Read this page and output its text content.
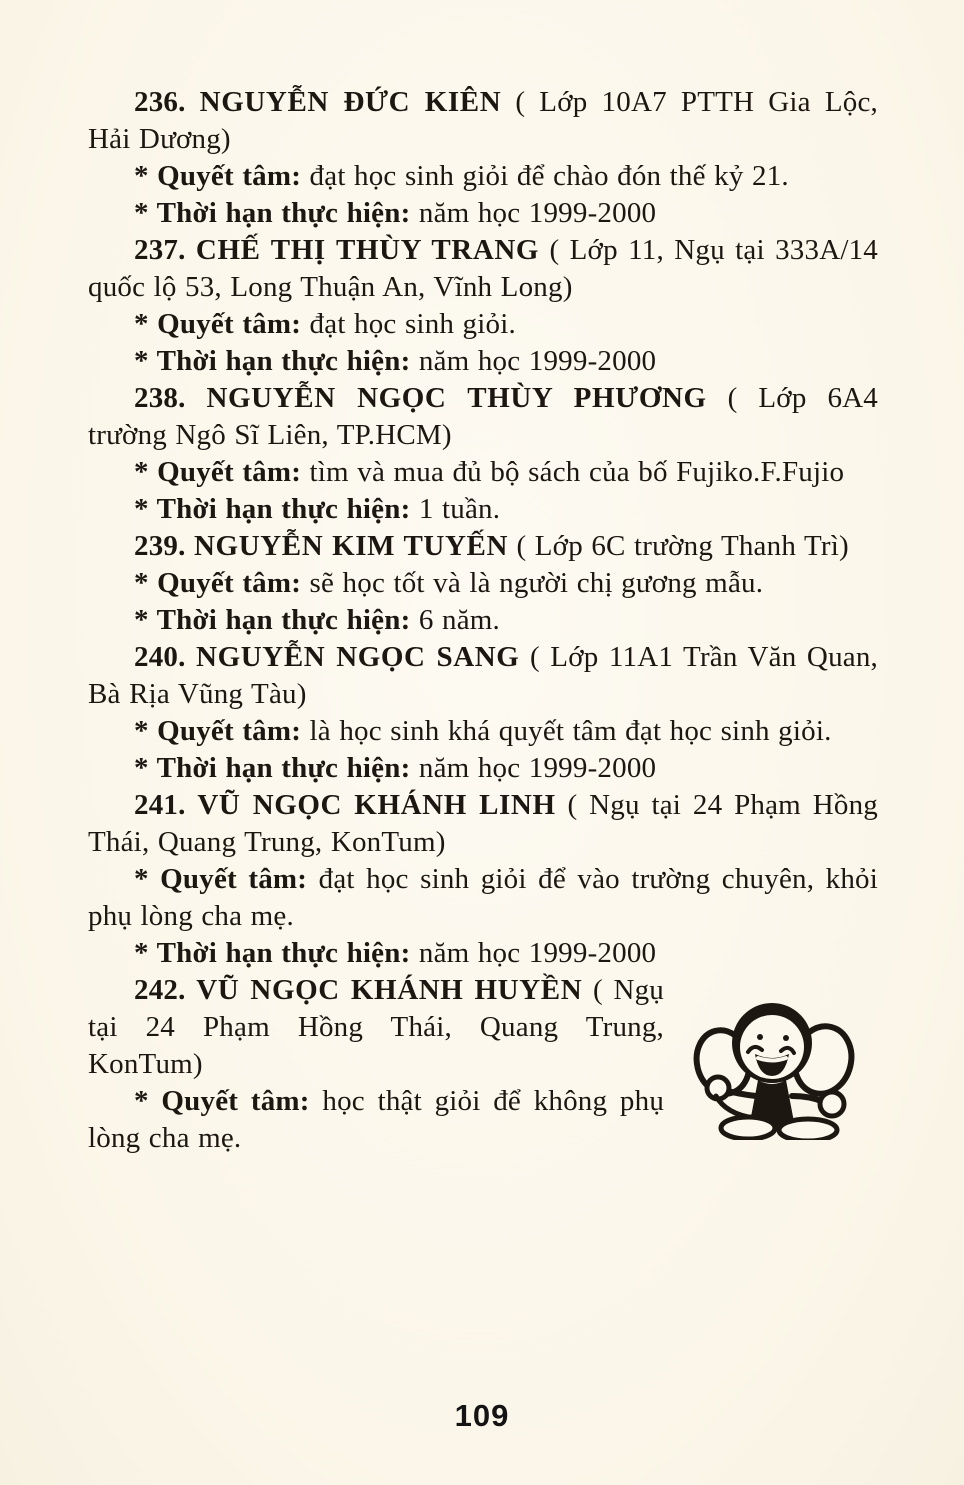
236. NGUYỄN ĐỨC KIÊN ( Lớp 10A7 PTTH Gia Lộc, Hải Dương)

* Quyết tâm: đạt học sinh giỏi để chào đón thế kỷ 21.

* Thời hạn thực hiện: năm học 1999-2000

237. CHẾ THỊ THÙY TRANG ( Lớp 11, Ngụ tại 333A/14 quốc lộ 53, Long Thuận An, Vĩnh Long)

* Quyết tâm: đạt học sinh giỏi.

* Thời hạn thực hiện: năm học 1999-2000

238. NGUYỄN NGỌC THÙY PHƯƠNG ( Lớp 6A4 trường Ngô Sĩ Liên, TP.HCM)

* Quyết tâm: tìm và mua đủ bộ sách của bố Fujiko.F.Fujio

* Thời hạn thực hiện: 1 tuần.

239. NGUYỄN KIM TUYẾN ( Lớp 6C trường Thanh Trì)

* Quyết tâm: sẽ học tốt và là người chị gương mẫu.

* Thời hạn thực hiện: 6 năm.

240. NGUYỄN NGỌC SANG ( Lớp 11A1 Trần Văn Quan, Bà Rịa Vũng Tàu)

* Quyết tâm: là học sinh khá quyết tâm đạt học sinh giỏi.

* Thời hạn thực hiện: năm học 1999-2000

241. VŨ NGỌC KHÁNH LINH ( Ngụ tại 24 Phạm Hồng Thái, Quang Trung, KonTum)

* Quyết tâm: đạt học sinh giỏi để vào trường chuyên, khỏi phụ lòng cha mẹ.

* Thời hạn thực hiện: năm học 1999-2000

242. VŨ NGỌC KHÁNH HUYỀN ( Ngụ tại 24 Phạm Hồng Thái, Quang Trung, KonTum)

* Quyết tâm: học thật giỏi để không phụ lòng cha mẹ.

109
